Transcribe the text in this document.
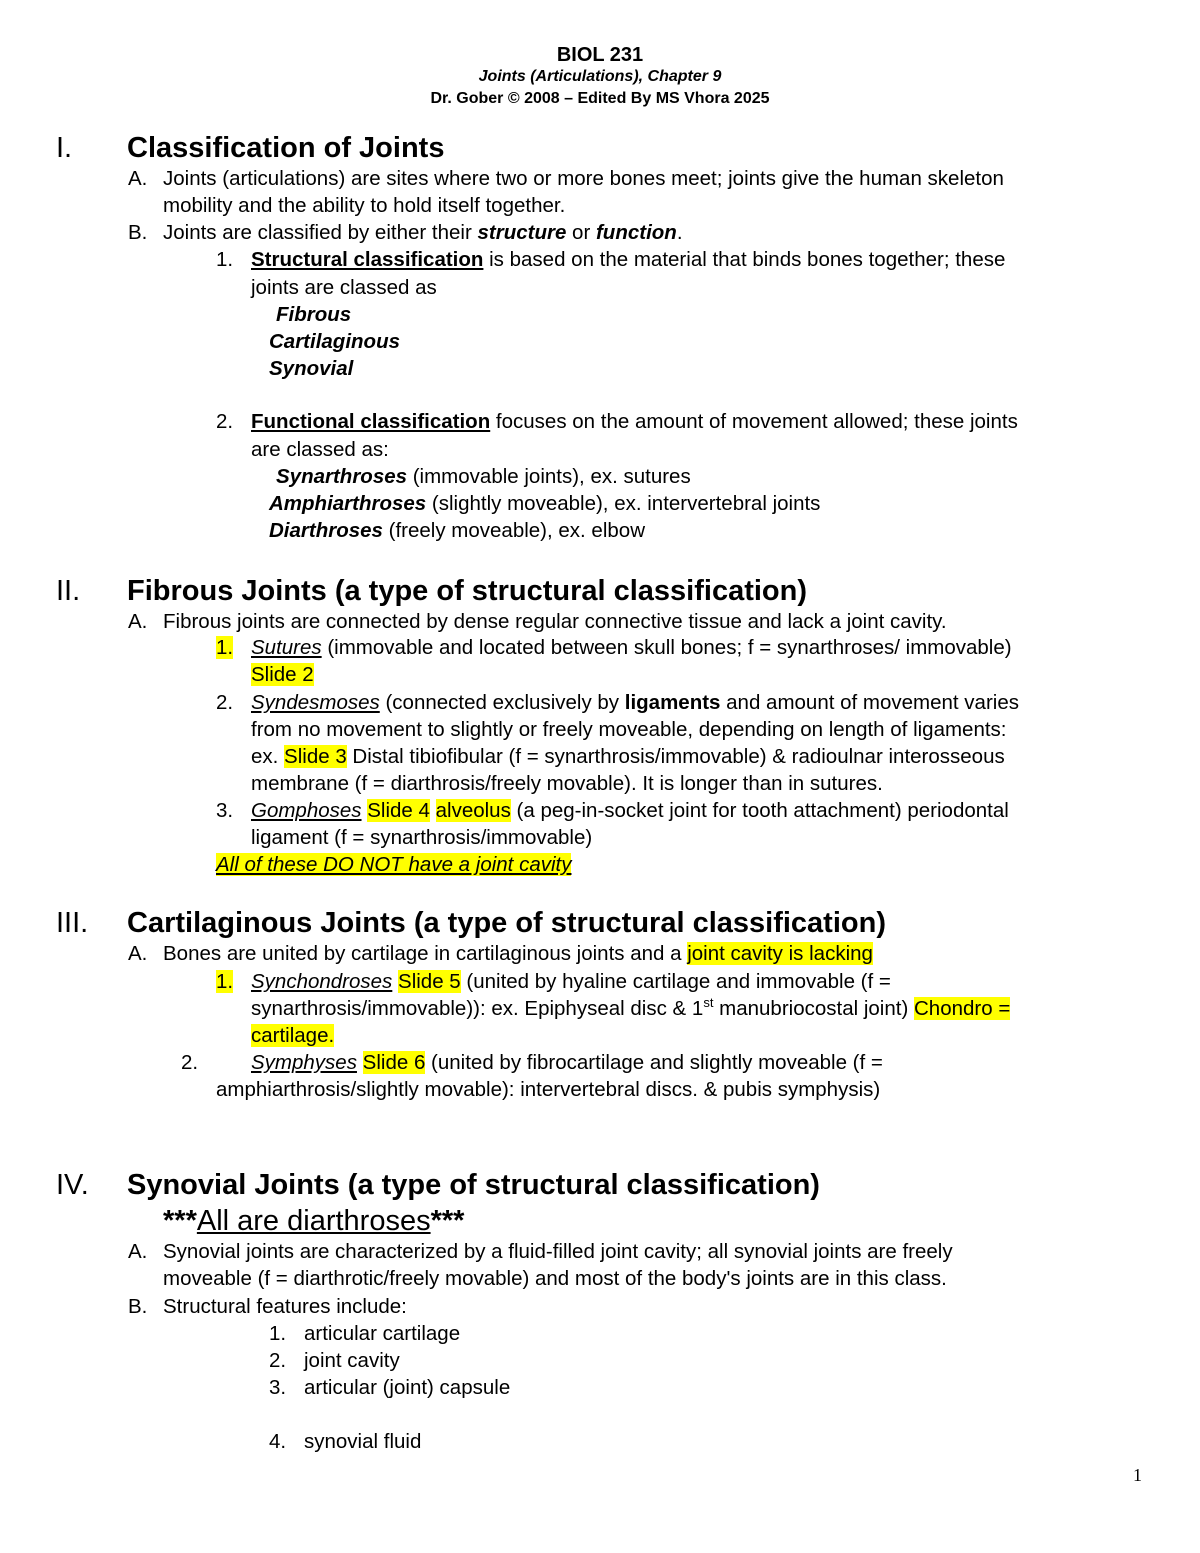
BIOL 231
Joints (Articulations), Chapter 9
Dr. Gober © 2008 – Edited By MS Vhora 2025
I. Classification of Joints
A. Joints (articulations) are sites where two or more bones meet; joints give the human skeleton
mobility and the ability to hold itself together.
B. Joints are classified by either their structure or function.
1. Structural classification is based on the material that binds bones together; these
joints are classed as
Fibrous
Cartilaginous
Synovial
2. Functional classification focuses on the amount of movement allowed; these joints
are classed as:
Synarthroses (immovable joints), ex. sutures
Amphiarthroses (slightly moveable), ex. intervertebral joints
Diarthroses (freely moveable), ex. elbow
II. Fibrous Joints (a type of structural classification)
A. Fibrous joints are connected by dense regular connective tissue and lack a joint cavity.
1. Sutures (immovable and located between skull bones; f = synarthroses/ immovable)
Slide 2
2. Syndesmoses (connected exclusively by ligaments and amount of movement varies
from no movement to slightly or freely moveable, depending on length of ligaments:
ex. Slide 3 Distal tibiofibular (f = synarthrosis/immovable) & radioulnar interosseous
membrane (f = diarthrosis/freely movable). It is longer than in sutures.
3. Gomphoses Slide 4 alveolus (a peg-in-socket joint for tooth attachment) periodontal
ligament (f = synarthrosis/immovable)
All of these DO NOT have a joint cavity
III. Cartilaginous Joints (a type of structural classification)
A. Bones are united by cartilage in cartilaginous joints and a joint cavity is lacking
1. Synchondroses Slide 5 (united by hyaline cartilage and immovable (f =
synarthrosis/immovable)): ex. Epiphyseal disc & 1st manubriocostal joint) Chondro =
cartilage.
2.	Symphyses Slide 6 (united by fibrocartilage and slightly moveable (f =
amphiarthrosis/slightly movable): intervertebral discs. & pubis symphysis)
IV. Synovial Joints (a type of structural classification)
***All are diarthroses***
A. Synovial joints are characterized by a fluid-filled joint cavity; all synovial joints are freely
moveable (f = diarthrotic/freely movable) and most of the body's joints are in this class.
B. Structural features include:
1. articular cartilage
2. joint cavity
3. articular (joint) capsule
4. synovial fluid
1
